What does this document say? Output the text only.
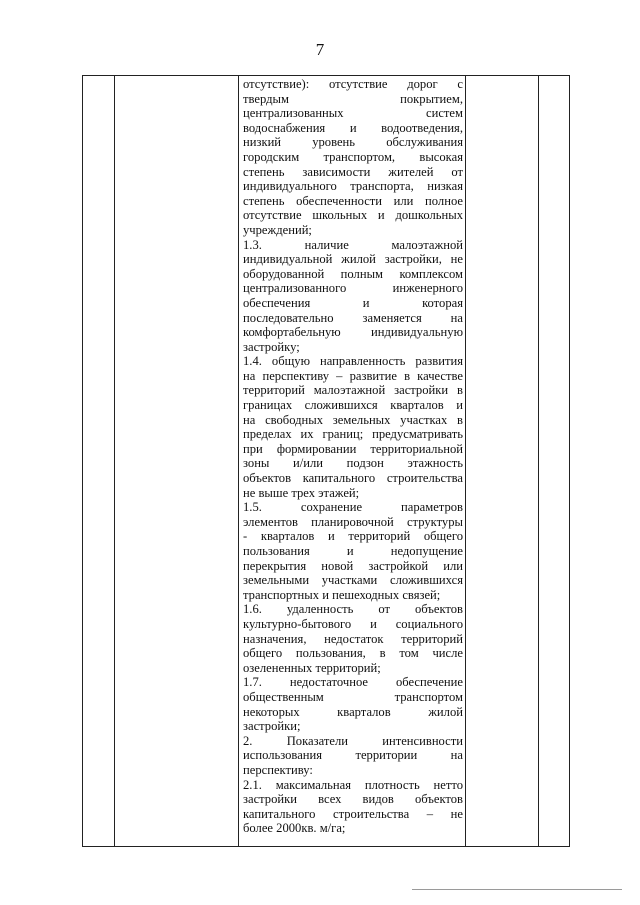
7
отсутствие): отсутствие дорог с
твердым покрытием,
централизованных систем
водоснабжения и водоотведения,
низкий уровень обслуживания
городским транспортом, высокая
степень зависимости жителей от
индивидуального транспорта, низкая
степень обеспеченности или полное
отсутствие школьных и дошкольных
учреждений;
1.3. наличие малоэтажной
индивидуальной жилой застройки, не
оборудованной полным комплексом
централизованного инженерного
обеспечения и которая
последовательно заменяется на
комфортабельную индивидуальную
застройку;
1.4. общую направленность развития
на перспективу – развитие в качестве
территорий малоэтажной застройки в
границах сложившихся кварталов и
на свободных земельных участках в
пределах их границ; предусматривать
при формировании территориальной
зоны и/или подзон этажность
объектов капитального строительства
не выше трех этажей;
1.5. сохранение параметров
элементов планировочной структуры
- кварталов и территорий общего
пользования и недопущение
перекрытия новой застройкой или
земельными участками сложившихся
транспортных и пешеходных связей;
1.6. удаленность от объектов
культурно-бытового и социального
назначения, недостаток территорий
общего пользования, в том числе
озелененных территорий;
1.7. недостаточное обеспечение
общественным транспортом
некоторых кварталов жилой
застройки;
2. Показатели интенсивности
использования территории на
перспективу:
2.1. максимальная плотность нетто
застройки всех видов объектов
капитального строительства – не
более 2000кв. м/га;
